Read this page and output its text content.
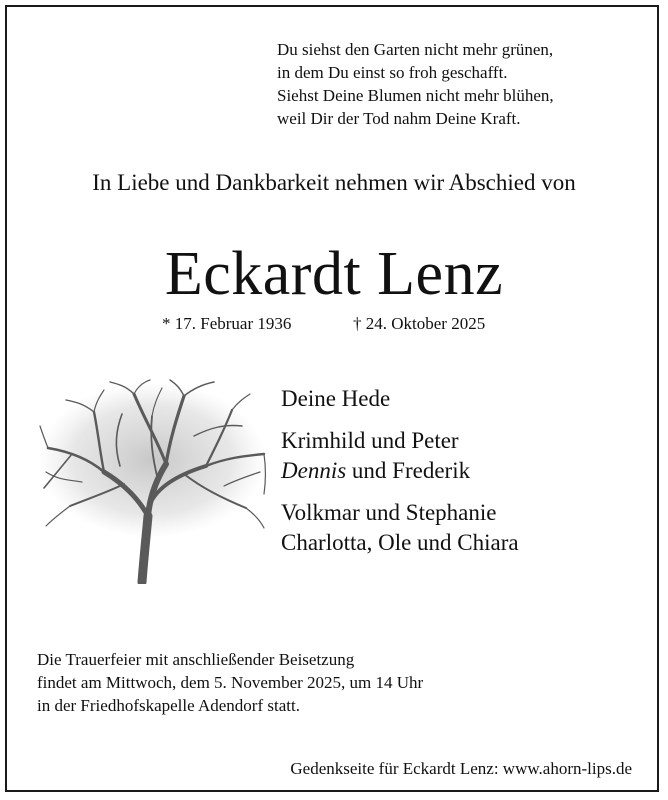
Du siehst den Garten nicht mehr grünen,
in dem Du einst so froh geschafft.
Siehst Deine Blumen nicht mehr blühen,
weil Dir der Tod nahm Deine Kraft.
In Liebe und Dankbarkeit nehmen wir Abschied von
Eckardt Lenz
* 17. Februar 1936	† 24. Oktober 2025
Deine Hede
Krimhild und Peter
Dennis und Frederik
Volkmar und Stephanie
Charlotta, Ole und Chiara
Die Trauerfeier mit anschließender Beisetzung
findet am Mittwoch, dem 5. November 2025, um 14 Uhr
in der Friedhofskapelle Adendorf statt.
Gedenkseite für Eckardt Lenz: www.ahorn-lips.de
